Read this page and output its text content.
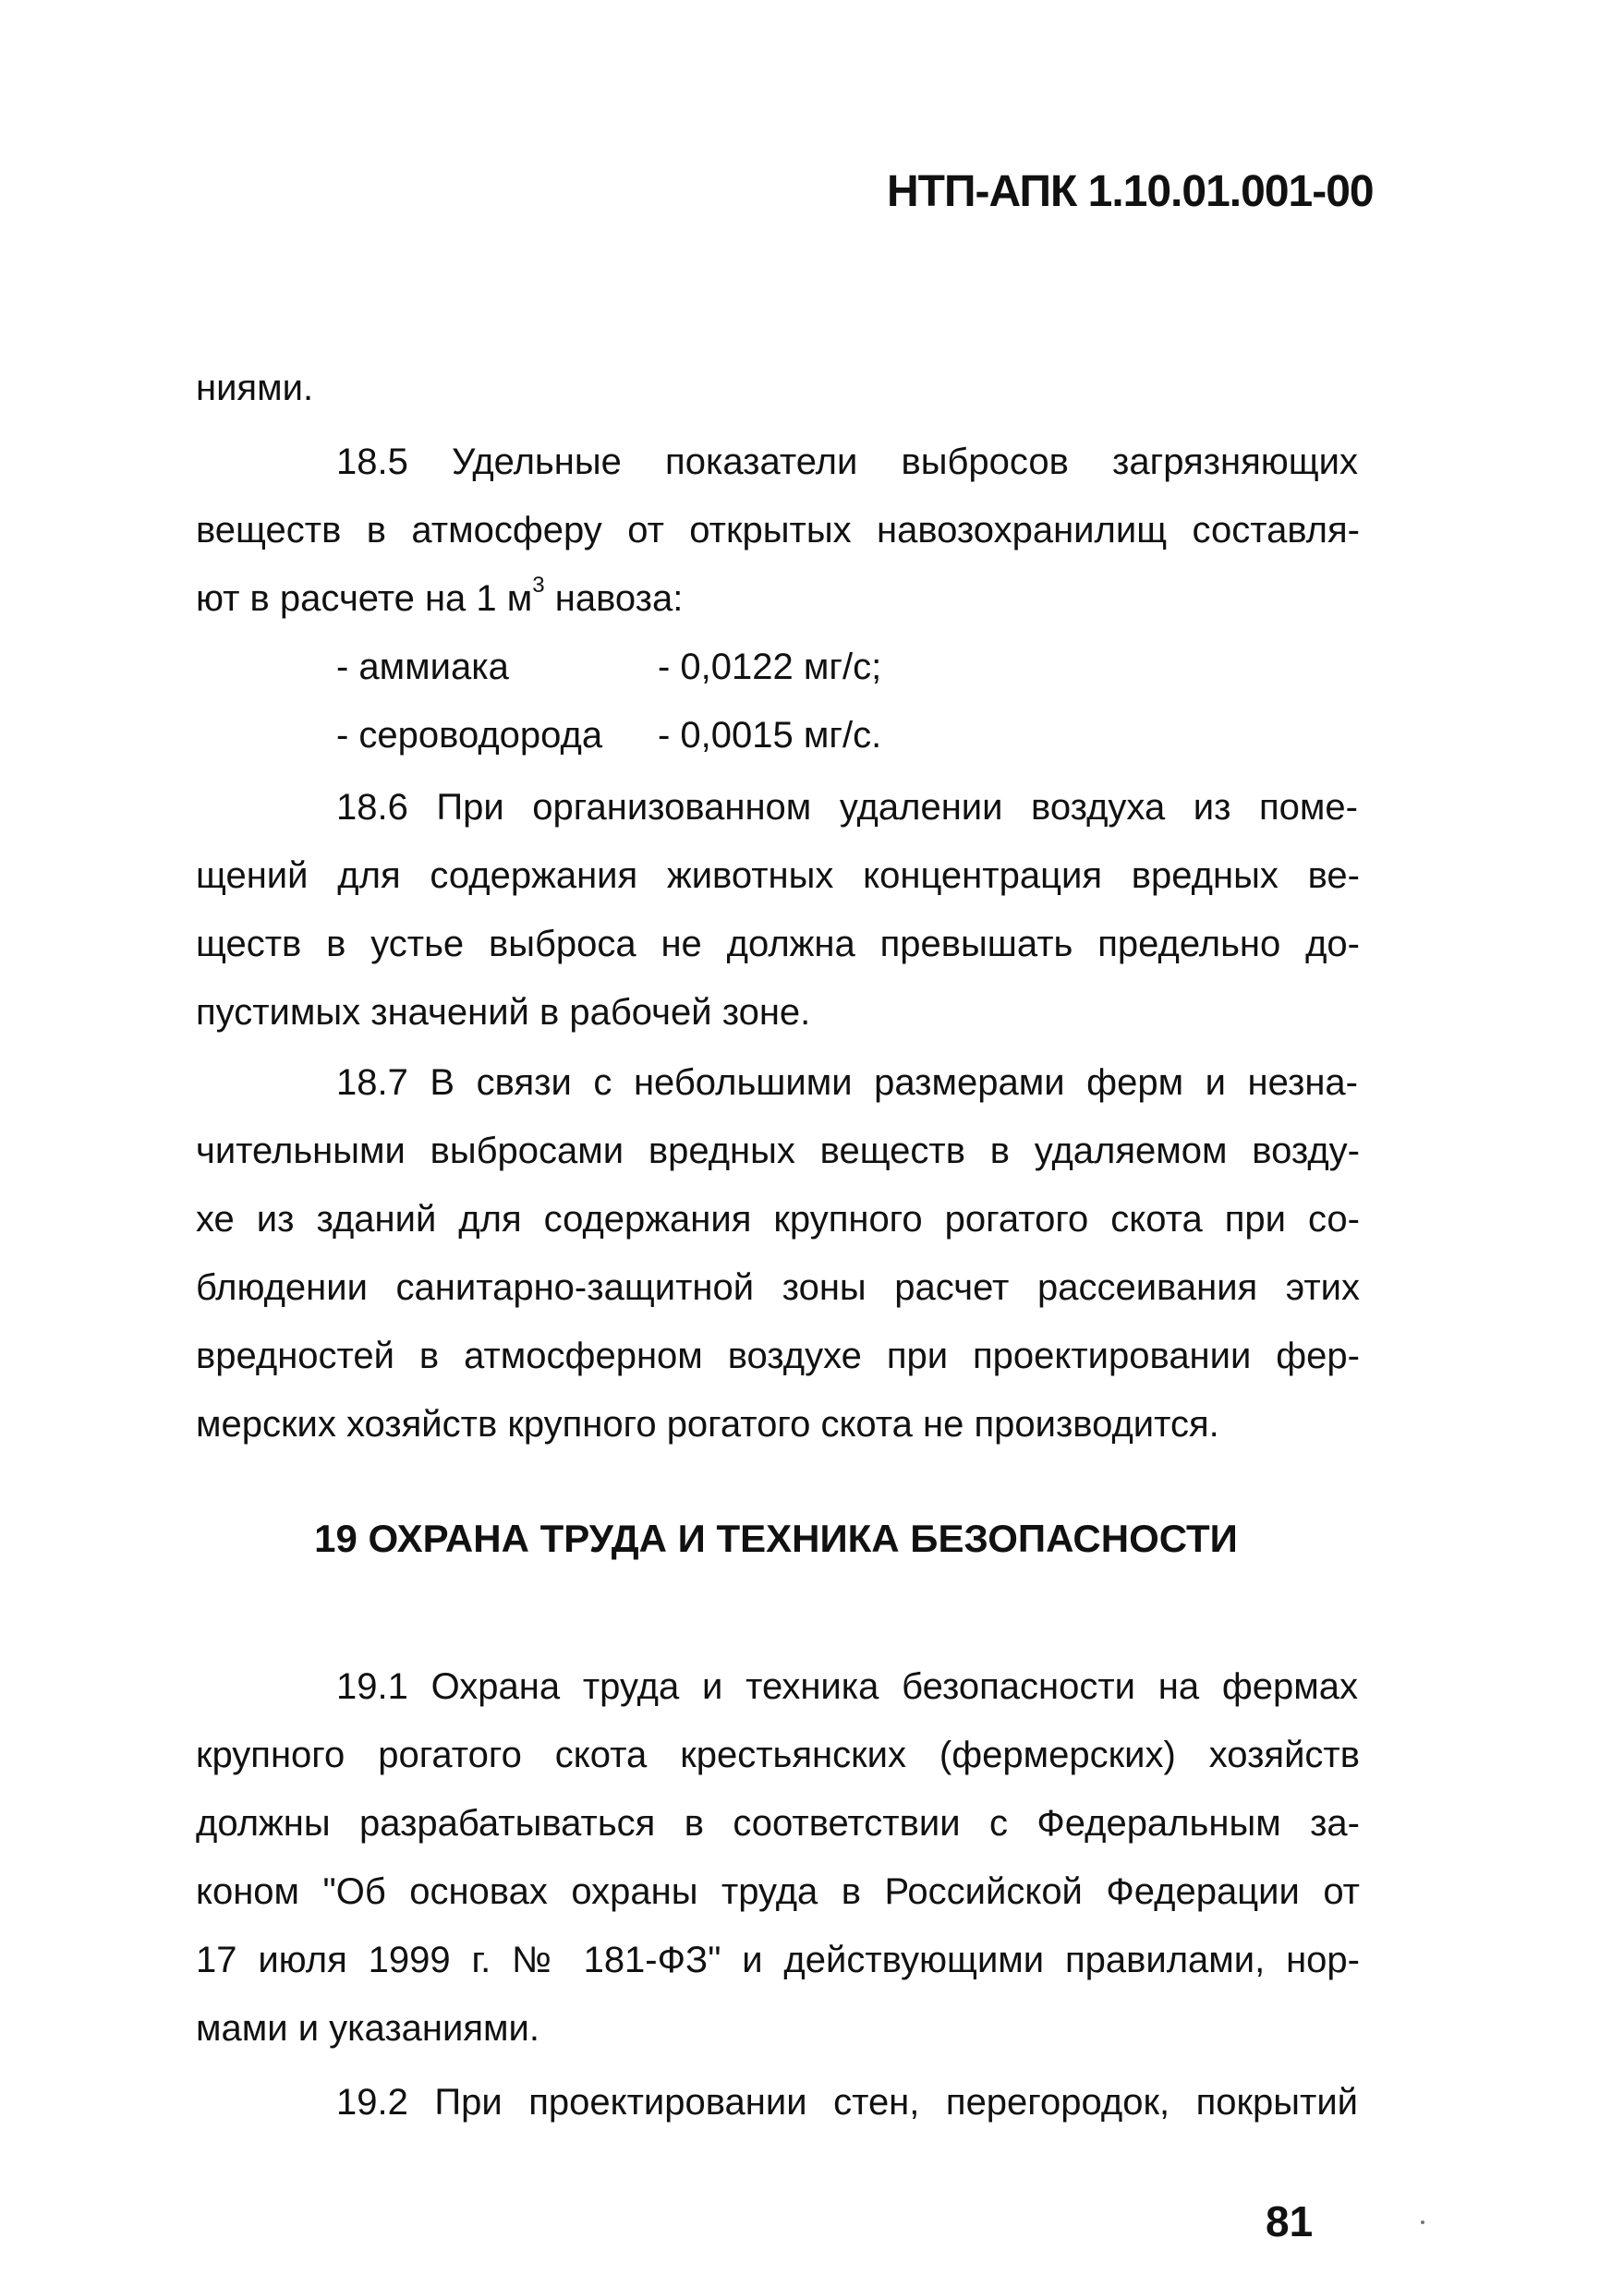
НТП-АПК 1.10.01.001-00
ниями.
18.5 Удельные показатели выбросов загрязняющих
веществ в атмосферу от открытых навозохранилищ составля-
ют в расчете на 1 $м^3$ навоза:
- аммиака	- 0,0122 мг/с;
- сероводорода - 0,0015 мг/с.
18.6 При организованном удалении воздуха из поме-
щений для содержания животных концентрация вредных ве-
ществ в устье выброса не должна превышать предельно до-
пустимых значений в рабочей зоне.
18.7 В связи с небольшими размерами ферм и незна-
чительными выбросами вредных веществ в удаляемом возду-
хе из зданий для содержания крупного рогатого скота при со-
блюдении санитарно-защитной зоны расчет рассеивания этих
вредностей в атмосферном воздухе при проектировании фер-
мерских хозяйств крупного рогатого скота не производится.
19 ОХРАНА ТРУДА И ТЕХНИКА БЕЗОПАСНОСТИ
19.1 Охрана труда и техника безопасности на фермах
крупного рогатого скота крестьянских (фермерских) хозяйств
должны разрабатываться в соответствии с Федеральным за-
коном "Об основах охраны труда в Российской Федерации от
17 июля 1999 г. № 181-ФЗ" и действующими правилами, нор-
мами и указаниями.
19.2 При проектировании стен, перегородок, покрытий
81
